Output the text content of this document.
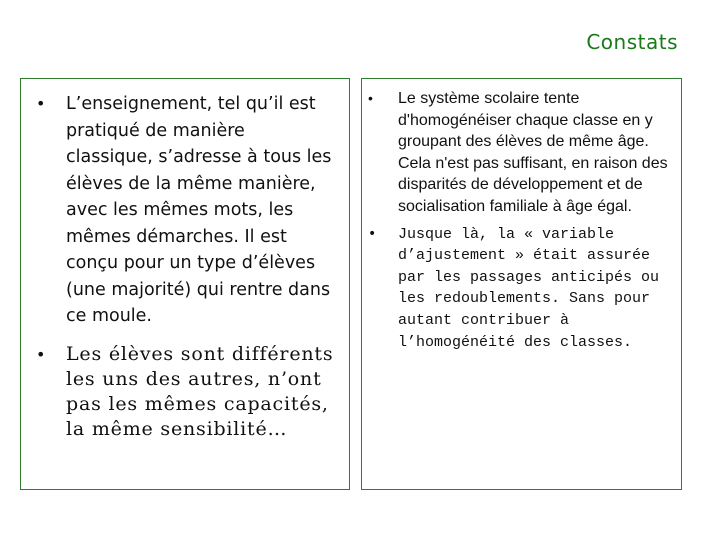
Constats
• L’enseignement, tel qu’il est pratiqué de manière classique, s’adresse à tous les élèves de la même manière, avec les mêmes mots, les mêmes démarches. Il est conçu pour un type d’élèves (une majorité) qui rentre dans ce moule.
• Les élèves sont différents les uns des autres, n’ont pas les mêmes capacités, la même sensibilité…
• Le système scolaire tente d'homogénéiser chaque classe en y groupant des élèves de même âge. Cela n'est pas suffisant, en raison des disparités de développement et de socialisation familiale à âge égal.
• Jusque là, la « variable d’ajustement » était assurée par les passages anticipés ou les redoublements. Sans pour autant contribuer à l’homogénéité des classes.
